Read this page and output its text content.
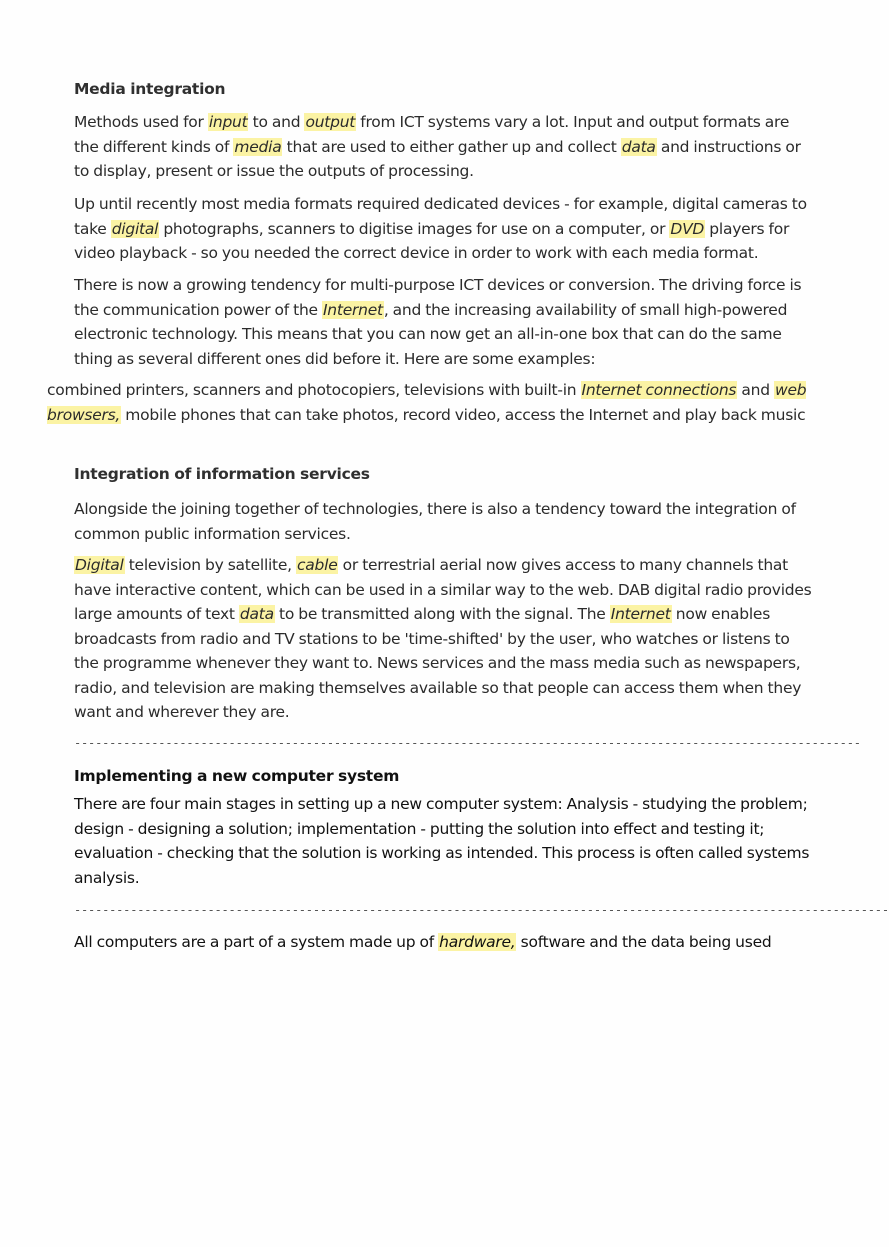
Media integration
Methods used for input to and output from ICT systems vary a lot. Input and output formats are the different kinds of media that are used to either gather up and collect data and instructions or to display, present or issue the outputs of processing.
Up until recently most media formats required dedicated devices - for example, digital cameras to take digital photographs, scanners to digitise images for use on a computer, or DVD players for video playback - so you needed the correct device in order to work with each media format.
There is now a growing tendency for multi-purpose ICT devices or conversion. The driving force is the communication power of the Internet, and the increasing availability of small high-powered electronic technology. This means that you can now get an all-in-one box that can do the same thing as several different ones did before it. Here are some examples:
combined printers, scanners and photocopiers, televisions with built-in Internet connections and web browsers, mobile phones that can take photos, record video, access the Internet and play back music
Integration of information services
Alongside the joining together of technologies, there is also a tendency toward the integration of common public information services.
Digital television by satellite, cable or terrestrial aerial now gives access to many channels that have interactive content, which can be used in a similar way to the web. DAB digital radio provides large amounts of text data to be transmitted along with the signal. The Internet now enables broadcasts from radio and TV stations to be 'time-shifted' by the user, who watches or listens to the programme whenever they want to. News services and the mass media such as newspapers, radio, and television are making themselves available so that people can access them when they want and wherever they are.
----------------------------------------------------------------------------------------------------------------
Implementing a new computer system
There are four main stages in setting up a new computer system: Analysis - studying the problem; design - designing a solution; implementation - putting the solution into effect and testing it; evaluation - checking that the solution is working as intended. This process is often called systems analysis.
--------------------------------------------------------------------------------------------------------------------
All computers are a part of a system made up of hardware, software and the data being used
